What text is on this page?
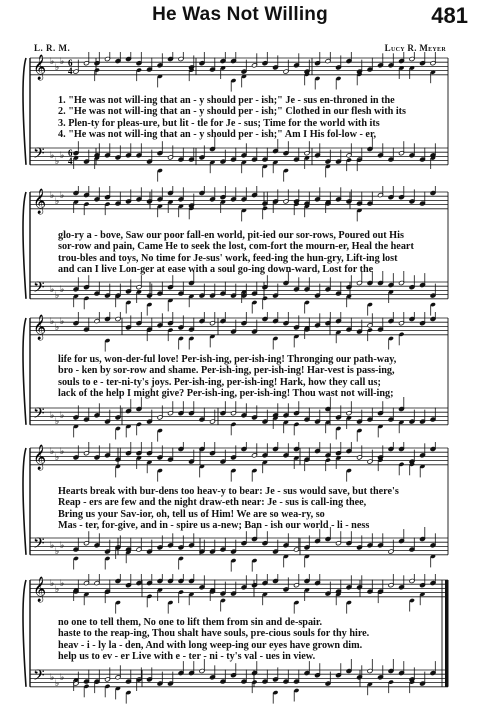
He Was Not Willing	481
L. R. M.	Lucy R. Meyer
𝄞
𝄢
♭
♭
♭
♭
♭
♭
6
4
6
4
1. "He was not will-ing that an - y should per - ish;" Je - sus en-throned in the
2. "He was not will-ing that an - y should per - ish;" Clothed in our flesh with its
3. Plen-ty for pleas-ure, but lit - tle for Je - sus; Time for the world with its
4. "He was not will-ing that an - y should per - ish;" Am I His fol-low - er,
𝄞
𝄢
♭
♭
♭
♭
♭
♭
glo-ry a - bove, Saw our poor fall-en world, pit-ied our sor-rows, Poured out His
sor-row and pain, Came He to seek the lost, com-fort the mourn-er, Heal the heart
trou-bles and toys, No time for Je-sus' work, feed-ing the hun-gry, Lift-ing lost
and can I live Lon-ger at ease with a soul go-ing down-ward, Lost for the
𝄞
𝄢
♭
♭
♭
♭
♭
♭
life for us, won-der-ful love! Per-ish-ing, per-ish-ing! Thronging our path-way,
bro - ken by sor-row and shame. Per-ish-ing, per-ish-ing! Har-vest is pass-ing,
souls to e - ter-ni-ty's joys. Per-ish-ing, per-ish-ing! Hark, how they call us;
lack of the help I might give? Per-ish-ing, per-ish-ing! Thou wast not will-ing;
𝄞
𝄢
♭
♭
♭
♭
♭
♭
Hearts break with bur-dens too heav-y to bear: Je - sus would save, but there's
Reap - ers are few and the night draw-eth near: Je - sus is call-ing thee,
Bring us your Sav-ior, oh, tell us of Him! We are so wea-ry, so
Mas - ter, for-give, and in - spire us a-new; Ban - ish our world - li - ness
𝄞
𝄢
♭
♭
♭
♭
♭
♭
no one to tell them, No one to lift them from sin and de-spair.
haste to the reap-ing, Thou shalt have souls, pre-cious souls for thy hire.
heav - i - ly la - den, And with long weep-ing our eyes have grown dim.
help us to ev - er Live with e - ter - ni - ty's val - ues in view.
